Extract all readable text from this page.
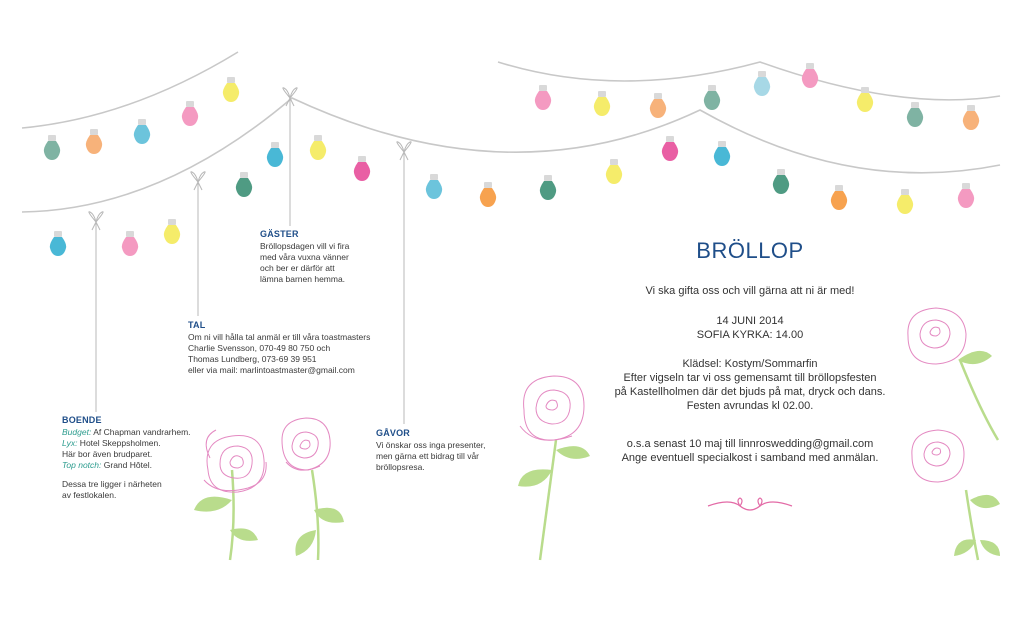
GÄSTER

Bröllopsdagen vill vi fira

med våra vuxna vänner

och ber er därför att

lämna barnen hemma.

TAL

Om ni vill hålla tal anmäl er till våra toastmasters

Charlie Svensson, 070-49 80 750 och

Thomas Lundberg, 073-69 39 951

eller via mail: marlintoastmaster@gmail.com

BOENDE

Budget: Af Chapman vandrarhem.

Lyx: Hotel Skeppsholmen.

Här bor även brudparet.

Top notch: Grand Hôtel.

Dessa tre ligger i närheten

av festlokalen.

GÅVOR

Vi önskar oss inga presenter,

men gärna ett bidrag till vår

bröllopsresa.

BRÖLLOP
Vi ska gifta oss och vill gärna att ni är med!
14 JUNI 2014
SOFIA KYRKA: 14.00
Klädsel: Kostym/Sommarfin
Efter vigseln tar vi oss gemensamt till bröllopsfesten
på Kastellholmen där det bjuds på mat, dryck och dans.
Festen avrundas kl 02.00.
o.s.a senast 10 maj till linnroswedding@gmail.com
Ange eventuell specialkost i samband med anmälan.
